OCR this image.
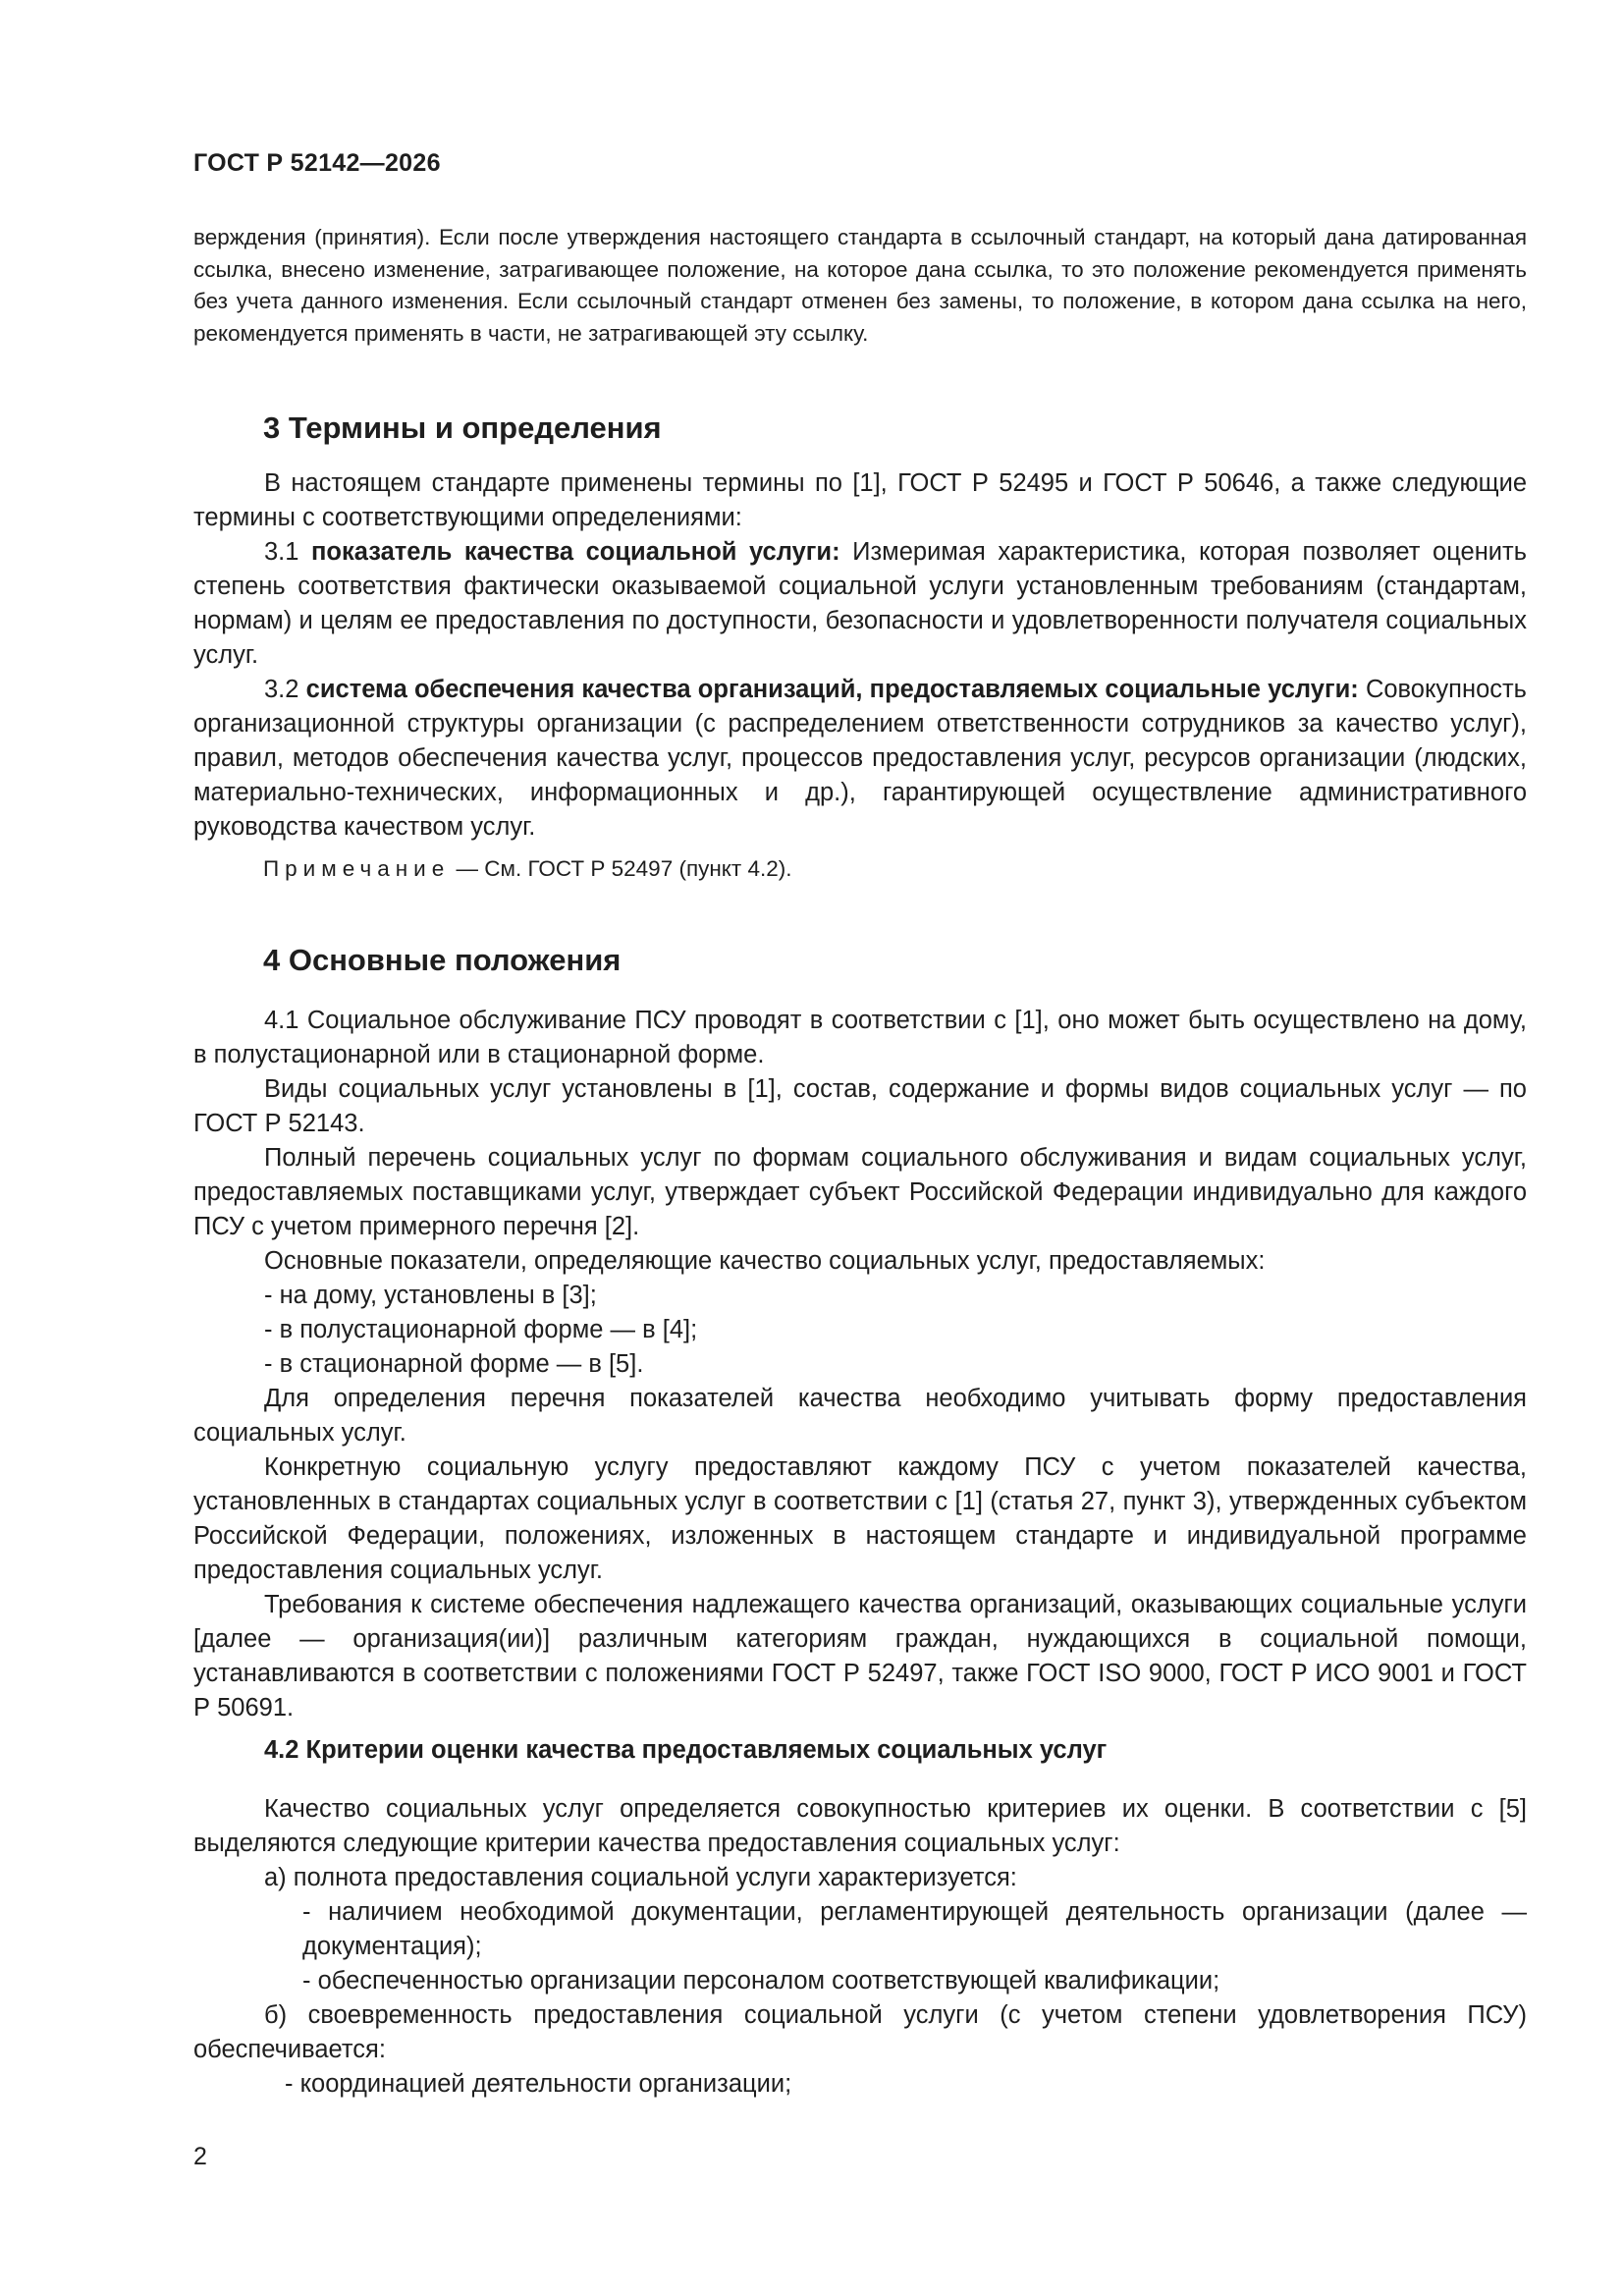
ГОСТ Р 52142—2026
верждения (принятия). Если после утверждения настоящего стандарта в ссылочный стандарт, на который дана датированная ссылка, внесено изменение, затрагивающее положение, на которое дана ссылка, то это положение рекомендуется применять без учета данного изменения. Если ссылочный стандарт отменен без замены, то положение, в котором дана ссылка на него, рекомендуется применять в части, не затрагивающей эту ссылку.
3 Термины и определения
В настоящем стандарте применены термины по [1], ГОСТ Р 52495 и ГОСТ Р 50646, а также следующие термины с соответствующими определениями:
3.1 показатель качества социальной услуги: Измеримая характеристика, которая позволяет оценить степень соответствия фактически оказываемой социальной услуги установленным требованиям (стандартам, нормам) и целям ее предоставления по доступности, безопасности и удовлетворенности получателя социальных услуг.
3.2 система обеспечения качества организаций, предоставляемых социальные услуги: Совокупность организационной структуры организации (с распределением ответственности сотрудников за качество услуг), правил, методов обеспечения качества услуг, процессов предоставления услуг, ресурсов организации (людских, материально-технических, информационных и др.), гарантирующей осуществление административного руководства качеством услуг.
Примечание — См. ГОСТ Р 52497 (пункт 4.2).
4 Основные положения
4.1 Социальное обслуживание ПСУ проводят в соответствии с [1], оно может быть осуществлено на дому, в полустационарной или в стационарной форме.
Виды социальных услуг установлены в [1], состав, содержание и формы видов социальных услуг — по ГОСТ Р 52143.
Полный перечень социальных услуг по формам социального обслуживания и видам социальных услуг, предоставляемых поставщиками услуг, утверждает субъект Российской Федерации индивидуально для каждого ПСУ с учетом примерного перечня [2].
Основные показатели, определяющие качество социальных услуг, предоставляемых:
- на дому, установлены в [3];
- в полустационарной форме — в [4];
- в стационарной форме — в [5].
Для определения перечня показателей качества необходимо учитывать форму предоставления социальных услуг.
Конкретную социальную услугу предоставляют каждому ПСУ с учетом показателей качества, установленных в стандартах социальных услуг в соответствии с [1] (статья 27, пункт 3), утвержденных субъектом Российской Федерации, положениях, изложенных в настоящем стандарте и индивидуальной программе предоставления социальных услуг.
Требования к системе обеспечения надлежащего качества организаций, оказывающих социальные услуги [далее — организация(ии)] различным категориям граждан, нуждающихся в социальной помощи, устанавливаются в соответствии с положениями ГОСТ Р 52497, также ГОСТ ISO 9000, ГОСТ Р ИСО 9001 и ГОСТ Р 50691.
4.2 Критерии оценки качества предоставляемых социальных услуг
Качество социальных услуг определяется совокупностью критериев их оценки. В соответствии с [5] выделяются следующие критерии качества предоставления социальных услуг:
а) полнота предоставления социальной услуги характеризуется:
- наличием необходимой документации, регламентирующей деятельность организации (далее — документация);
- обеспеченностью организации персоналом соответствующей квалификации;
б) своевременность предоставления социальной услуги (с учетом степени удовлетворения ПСУ) обеспечивается:
- координацией деятельности организации;
2
